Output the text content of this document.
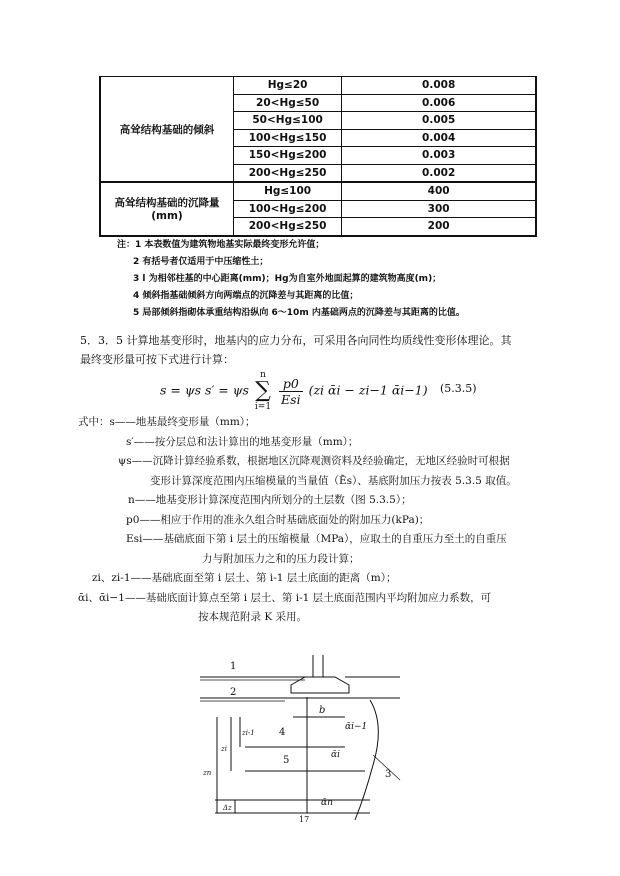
高耸结构基础的倾斜	Hg≤20	0.008
	20<Hg≤50	0.006
	50<Hg≤100	0.005
	100<Hg≤150	0.004
	150<Hg≤200	0.003
	200<Hg≤250	0.002
高耸结构基础的沉降量
(mm)	Hg≤100	400
	100<Hg≤200	300
	200<Hg≤250	200
注：1 本表数值为建筑物地基实际最终变形允许值；
2 有括号者仅适用于中压缩性土；
3 l 为相邻柱基的中心距离(mm)；Hg为自室外地面起算的建筑物高度(m)；
4 倾斜指基础倾斜方向两端点的沉降差与其距离的比值；
5 局部倾斜指砌体承重结构沿纵向 6～10m 内基础两点的沉降差与其距离的比值。
5．3．5 计算地基变形时，地基内的应力分布，可采用各向同性均质线性变形体理论。其
最终变形量可按下式进行计算：
s = ψs s′ = ψs n
∑
i=1
$\frac{p0}{\text{Esi}} (zi$ ᾱi − zi−1 ᾱi−1) (5.3.5)
式中：s——地基最终变形量（mm）；
s′——按分层总和法计算出的地基变形量（mm）；
ψs——沉降计算经验系数，根据地区沉降观测资料及经验确定，无地区经验时可根据
变形计算深度范围内压缩模量的当量值（Ēs）、基底附加压力按表 5.3.5 取值。
n——地基变形计算深度范围内所划分的土层数（图 5.3.5）；
p0——相应于作用的准永久组合时基础底面处的附加压力(kPa)；
Esi——基础底面下第 i 层土的压缩模量（MPa），应取土的自重压力至土的自重压
力与附加压力之和的压力段计算；
zi、zi-1——基础底面至第 i 层土、第 i-1 层土底面的距离（m）；
ᾱi、ᾱi−1——基础底面计算点至第 i 层土、第 i-1 层土底面范围内平均附加应力系数，可
按本规范附录 K 采用。
1
2
b
4
5
3
ᾱi−1
ᾱi
ᾱn
zi-1
zi
zn
Δz
17
